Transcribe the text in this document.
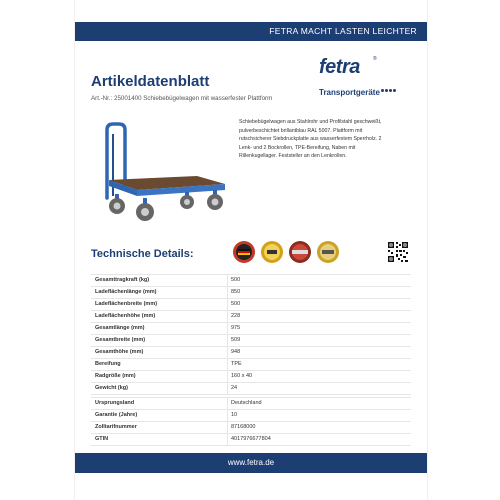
FETRA MACHT LASTEN LEICHTER
Artikeldatenblatt
Art.-Nr.: 25001400 Schiebebügelwagen mit wasserfester Plattform
fetra	®
Transportgeräte
Schiebebügelwagen aus Stahlrohr und Profilstahl geschweißt, pulverbeschichtet brillantblau RAL 5007. Plattform mit rutschsicherer Siebdruckplatte aus wasserfestem Sperrholz. 2 Lenk- und 2 Bockrollen, TPE-Bereifung, Naben mit Rillenkugellager. Feststeller an den Lenkrollen.
Technische Details:
Gesamttragkraft (kg)	500
Ladeflächenlänge (mm)	850
Ladeflächenbreite (mm)	500
Ladeflächenhöhe (mm)	228
Gesamtlänge (mm)	975
Gesamtbreite (mm)	509
Gesamthöhe (mm)	948
Bereifung	TPE
Radgröße (mm)	160 x 40
Gewicht (kg)	24
Ursprungsland	Deutschland
Garantie (Jahre)	10
Zolltarifnummer	87168000
GTIN	4017976677804
www.fetra.de
